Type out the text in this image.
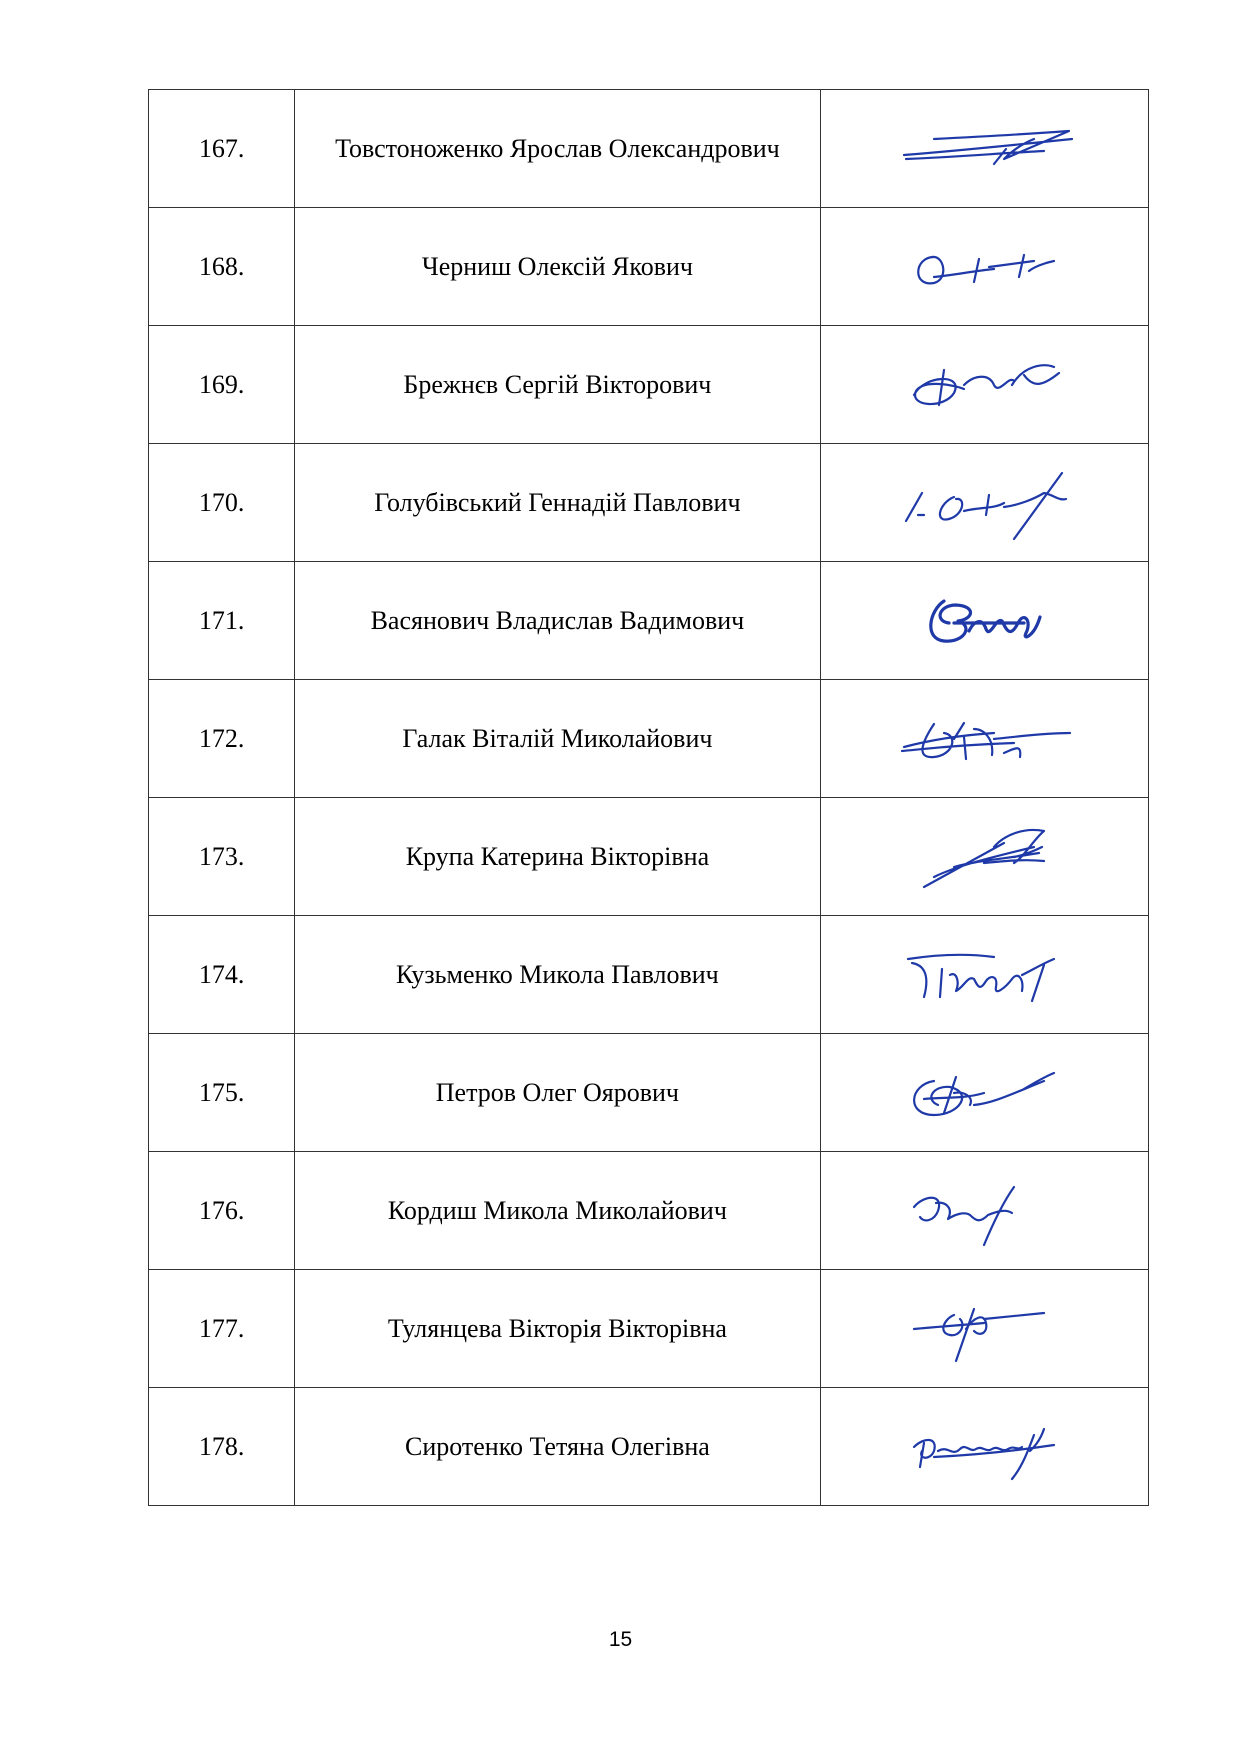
167.	Товстоноженко Ярослав Олександрович	

168.	Черниш Олексій Якович	

169.	Брежнєв Сергій Вікторович	

170.	Голубівський Геннадій Павлович	

171.	Васянович Владислав Вадимович	

172.	Галак Віталій Миколайович	

173.	Крупа Катерина Вікторівна	

174.	Кузьменко Микола Павлович	

175.	Петров Олег Оярович	

176.	Кордиш Микола Миколайович	

177.	Тулянцева Вікторія Вікторівна	

178.	Сиротенко Тетяна Олегівна	
15
